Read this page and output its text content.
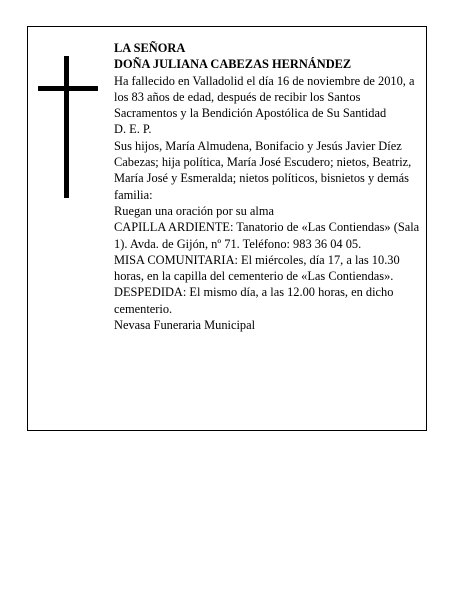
LA SEÑORA

DOÑA JULIANA CABEZAS HERNÁNDEZ

Ha fallecido en Valladolid el día 16 de noviembre de 2010, a los 83 años de edad, después de recibir los Santos Sacramentos y la Bendición Apostólica de Su Santidad

D. E. P.

Sus hijos, María Almudena, Bonifacio y Jesús Javier Díez Cabezas; hija política, María José Escudero; nietos, Beatriz, María José y Esmeralda; nietos políticos, bisnietos y demás familia:

Ruegan una oración por su alma

CAPILLA ARDIENTE: Tanatorio de «Las Contiendas» (Sala 1). Avda. de Gijón, nº 71. Teléfono: 983 36 04 05.

MISA COMUNITARIA: El miércoles, día 17, a las 10.30 horas, en la capilla del cementerio de «Las Contiendas».

DESPEDIDA: El mismo día, a las 12.00 horas, en dicho cementerio.

Nevasa Funeraria Municipal
